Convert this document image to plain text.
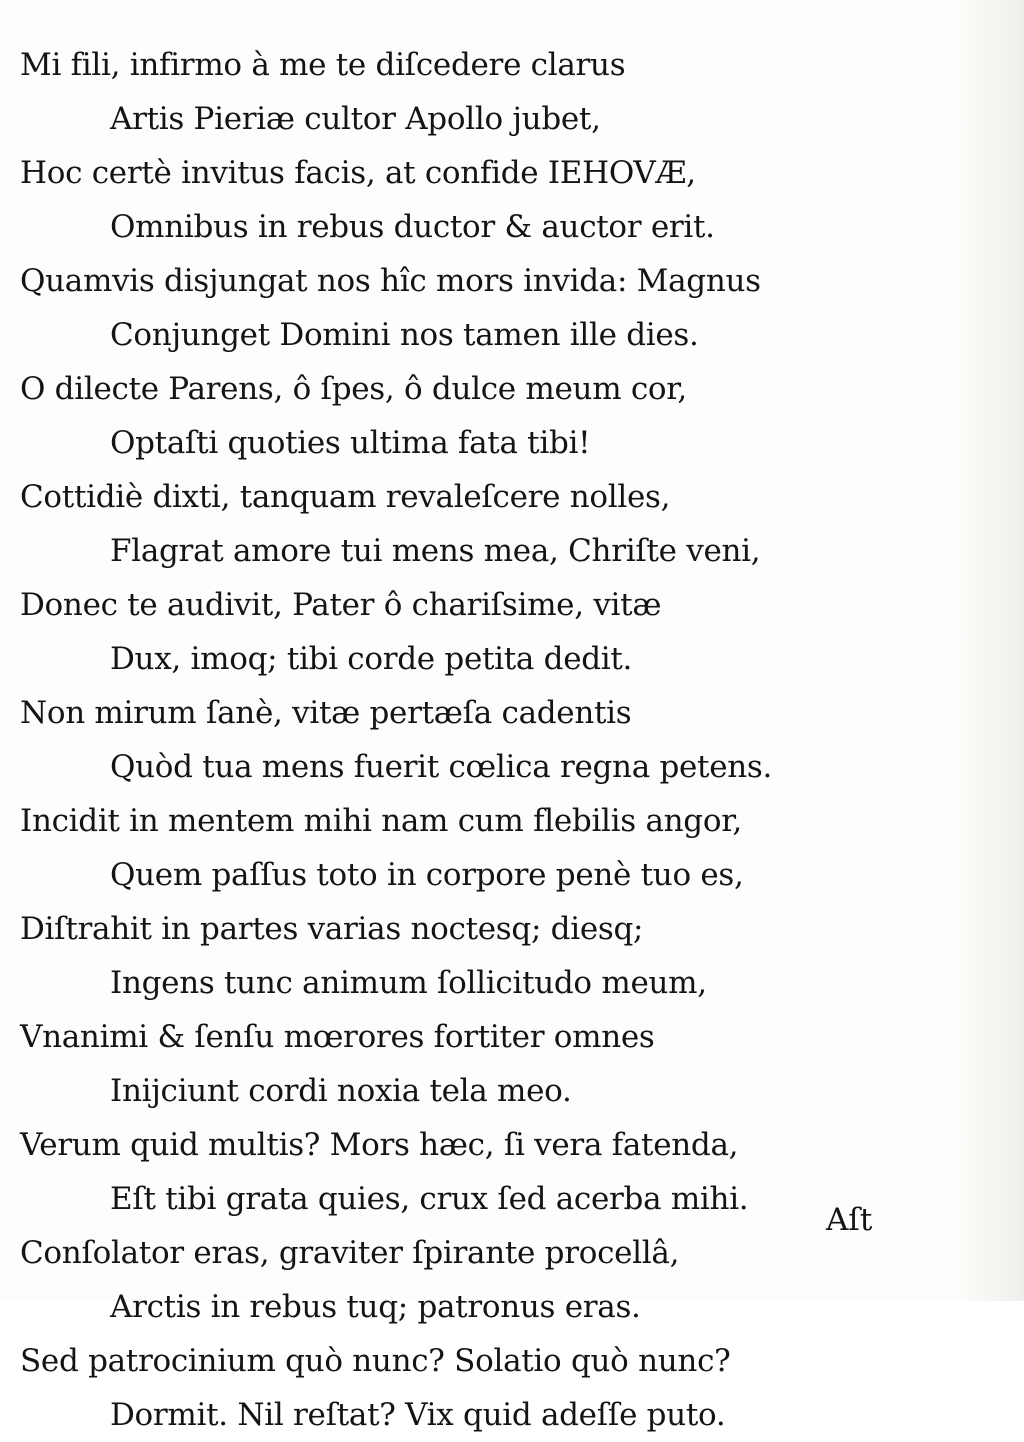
Mi fili, infirmo à me te diſcedere clarus
Artis Pieriæ cultor Apollo jubet,
Hoc certè invitus facis, at confide IEHOVÆ,
Omnibus in rebus ductor & auctor erit.
Quamvis disjungat nos hîc mors invida: Magnus
Conjunget Domini nos tamen ille dies.
O dilecte Parens, ô ſpes, ô dulce meum cor,
Optaſti quoties ultima fata tibi!
Cottidiè dixti, tanquam revaleſcere nolles,
Flagrat amore tui mens mea, Chriſte veni,
Donec te audivit, Pater ô chariſsime, vitæ
Dux, imoq; tibi corde petita dedit.
Non mirum ſanè, vitæ pertæſa cadentis
Quòd tua mens fuerit cœlica regna petens.
Incidit in mentem mihi nam cum flebilis angor,
Quem paſſus toto in corpore penè tuo es,
Diſtrahit in partes varias noctesq; diesq;
Ingens tunc animum ſollicitudo meum,
Vnanimi & ſenſu mœrores fortiter omnes
Inijciunt cordi noxia tela meo.
Verum quid multis? Mors hæc, ſi vera fatenda,
Eſt tibi grata quies, crux ſed acerba mihi.
Conſolator eras, graviter ſpirante procellâ,
Arctis in rebus tuq; patronus eras.
Sed patrocinium quò nunc? Solatio quò nunc?
Dormit. Nil reſtat? Vix quid adeſſe puto.
Aſt
